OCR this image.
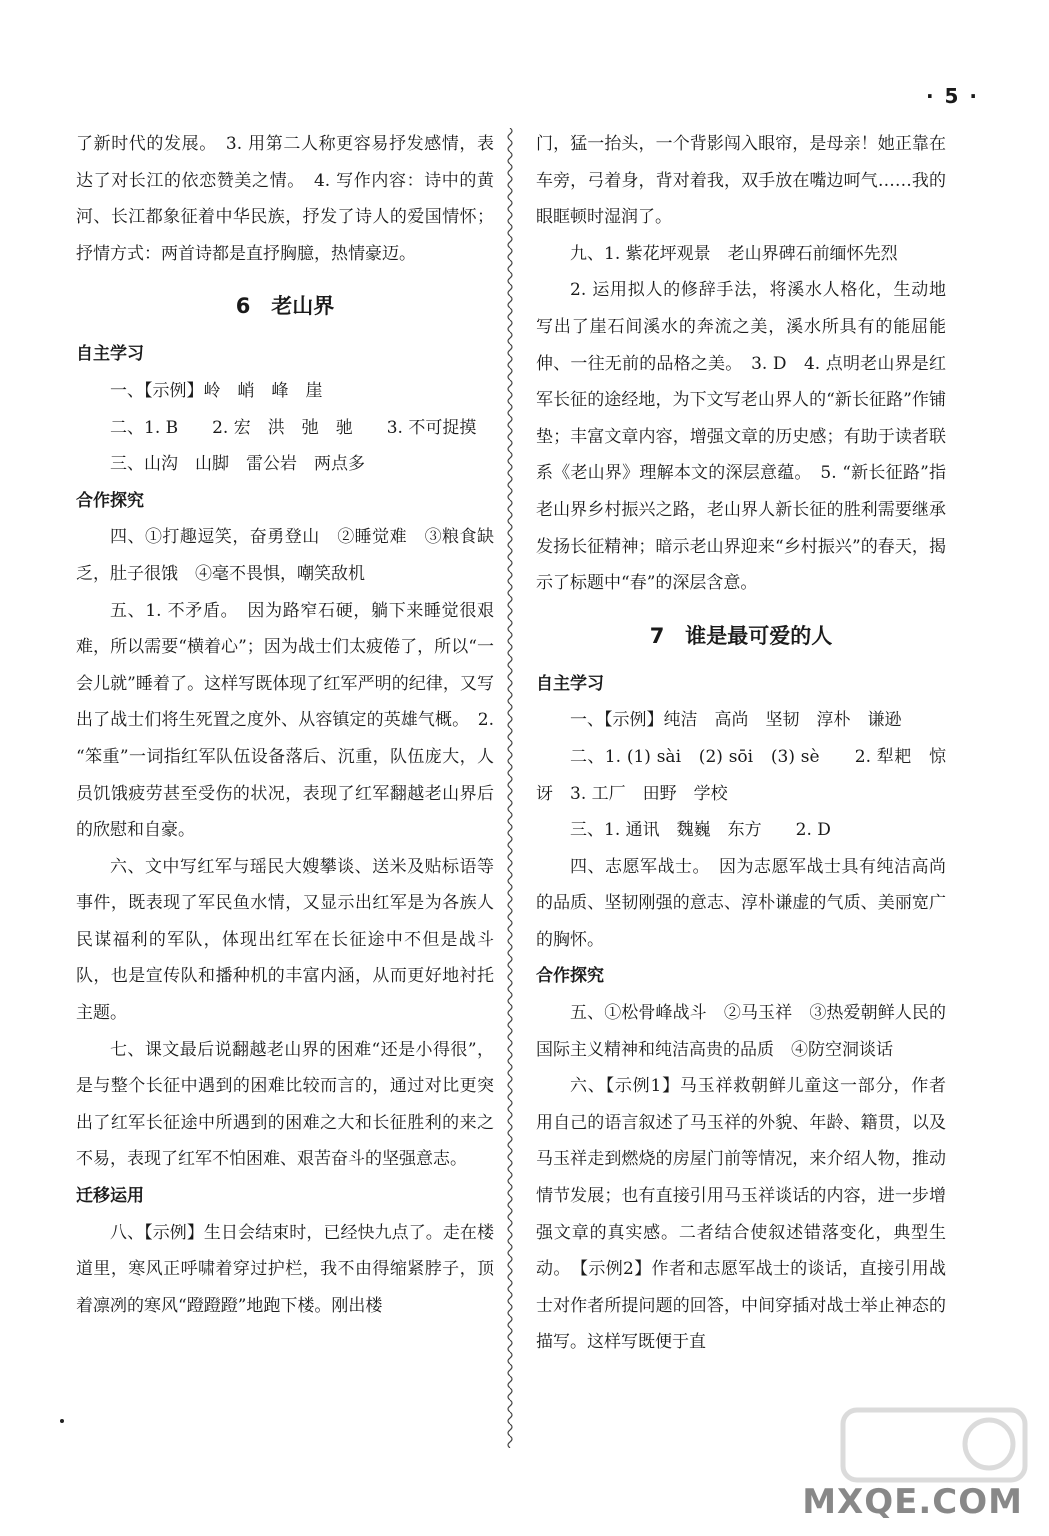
· 5 ·

了新时代的发展。　3. 用第二人称更容易抒发感情，表达了对长江的依恋赞美之情。　4. 写作内容：诗中的黄河、长江都象征着中华民族，抒发了诗人的爱国情怀；抒情方式：两首诗都是直抒胸臆，热情豪迈。

6　老山界

自主学习

一、【示例】岭　峭　峰　崖

二、1. B　　2. 宏　洪　弛　驰　　3. 不可捉摸

三、山沟　山脚　雷公岩　两点多

合作探究

四、①打趣逗笑，奋勇登山　②睡觉难　③粮食缺乏，肚子很饿　④毫不畏惧，嘲笑敌机

五、1. 不矛盾。　因为路窄石硬，躺下来睡觉很艰难，所以需要“横着心”；因为战士们太疲倦了，所以“一会儿就”睡着了。这样写既体现了红军严明的纪律，又写出了战士们将生死置之度外、从容镇定的英雄气概。　2. “笨重”一词指红军队伍设备落后、沉重，队伍庞大，人员饥饿疲劳甚至受伤的状况，表现了红军翻越老山界后的欣慰和自豪。

六、文中写红军与瑶民大嫂攀谈、送米及贴标语等事件，既表现了军民鱼水情，又显示出红军是为各族人民谋福利的军队，体现出红军在长征途中不但是战斗队，也是宣传队和播种机的丰富内涵，从而更好地衬托主题。

七、课文最后说翻越老山界的困难“还是小得很”，是与整个长征中遇到的困难比较而言的，通过对比更突出了红军长征途中所遇到的困难之大和长征胜利的来之不易，表现了红军不怕困难、艰苦奋斗的坚强意志。

迁移运用

八、【示例】生日会结束时，已经快九点了。走在楼道里，寒风正呼啸着穿过护栏，我不由得缩紧脖子，顶着凛冽的寒风“蹬蹬蹬”地跑下楼。刚出楼

门，猛一抬头，一个背影闯入眼帘，是母亲！她正靠在车旁，弓着身，背对着我，双手放在嘴边呵气……我的眼眶顿时湿润了。

九、1. 紫花坪观景　老山界碑石前缅怀先烈

2. 运用拟人的修辞手法，将溪水人格化，生动地写出了崖石间溪水的奔流之美，溪水所具有的能屈能伸、一往无前的品格之美。　3. D　4. 点明老山界是红军长征的途经地，为下文写老山界人的“新长征路”作铺垫；丰富文章内容，增强文章的历史感；有助于读者联系《老山界》理解本文的深层意蕴。　5. “新长征路”指老山界乡村振兴之路，老山界人新长征的胜利需要继承发扬长征精神；暗示老山界迎来“乡村振兴”的春天，揭示了标题中“春”的深层含意。

7　谁是最可爱的人

自主学习

一、【示例】纯洁　高尚　坚韧　淳朴　谦逊

二、1. (1) sài　(2) sōi　(3) sè　　2. 犁耙　惊讶　3. 工厂　田野　学校

三、1. 通讯　魏巍　东方　　2. D

四、志愿军战士。　因为志愿军战士具有纯洁高尚的品质、坚韧刚强的意志、淳朴谦虚的气质、美丽宽广的胸怀。

合作探究

五、①松骨峰战斗　②马玉祥　③热爱朝鲜人民的国际主义精神和纯洁高贵的品质　④防空洞谈话

六、【示例1】马玉祥救朝鲜儿童这一部分，作者用自己的语言叙述了马玉祥的外貌、年龄、籍贯，以及马玉祥走到燃烧的房屋门前等情况，来介绍人物，推动情节发展；也有直接引用马玉祥谈话的内容，进一步增强文章的真实感。二者结合使叙述错落变化，典型生动。　【示例2】作者和志愿军战士的谈话，直接引用战士对作者所提问题的回答，中间穿插对战士举止神态的描写。这样写既便于直

MXQE.COM
